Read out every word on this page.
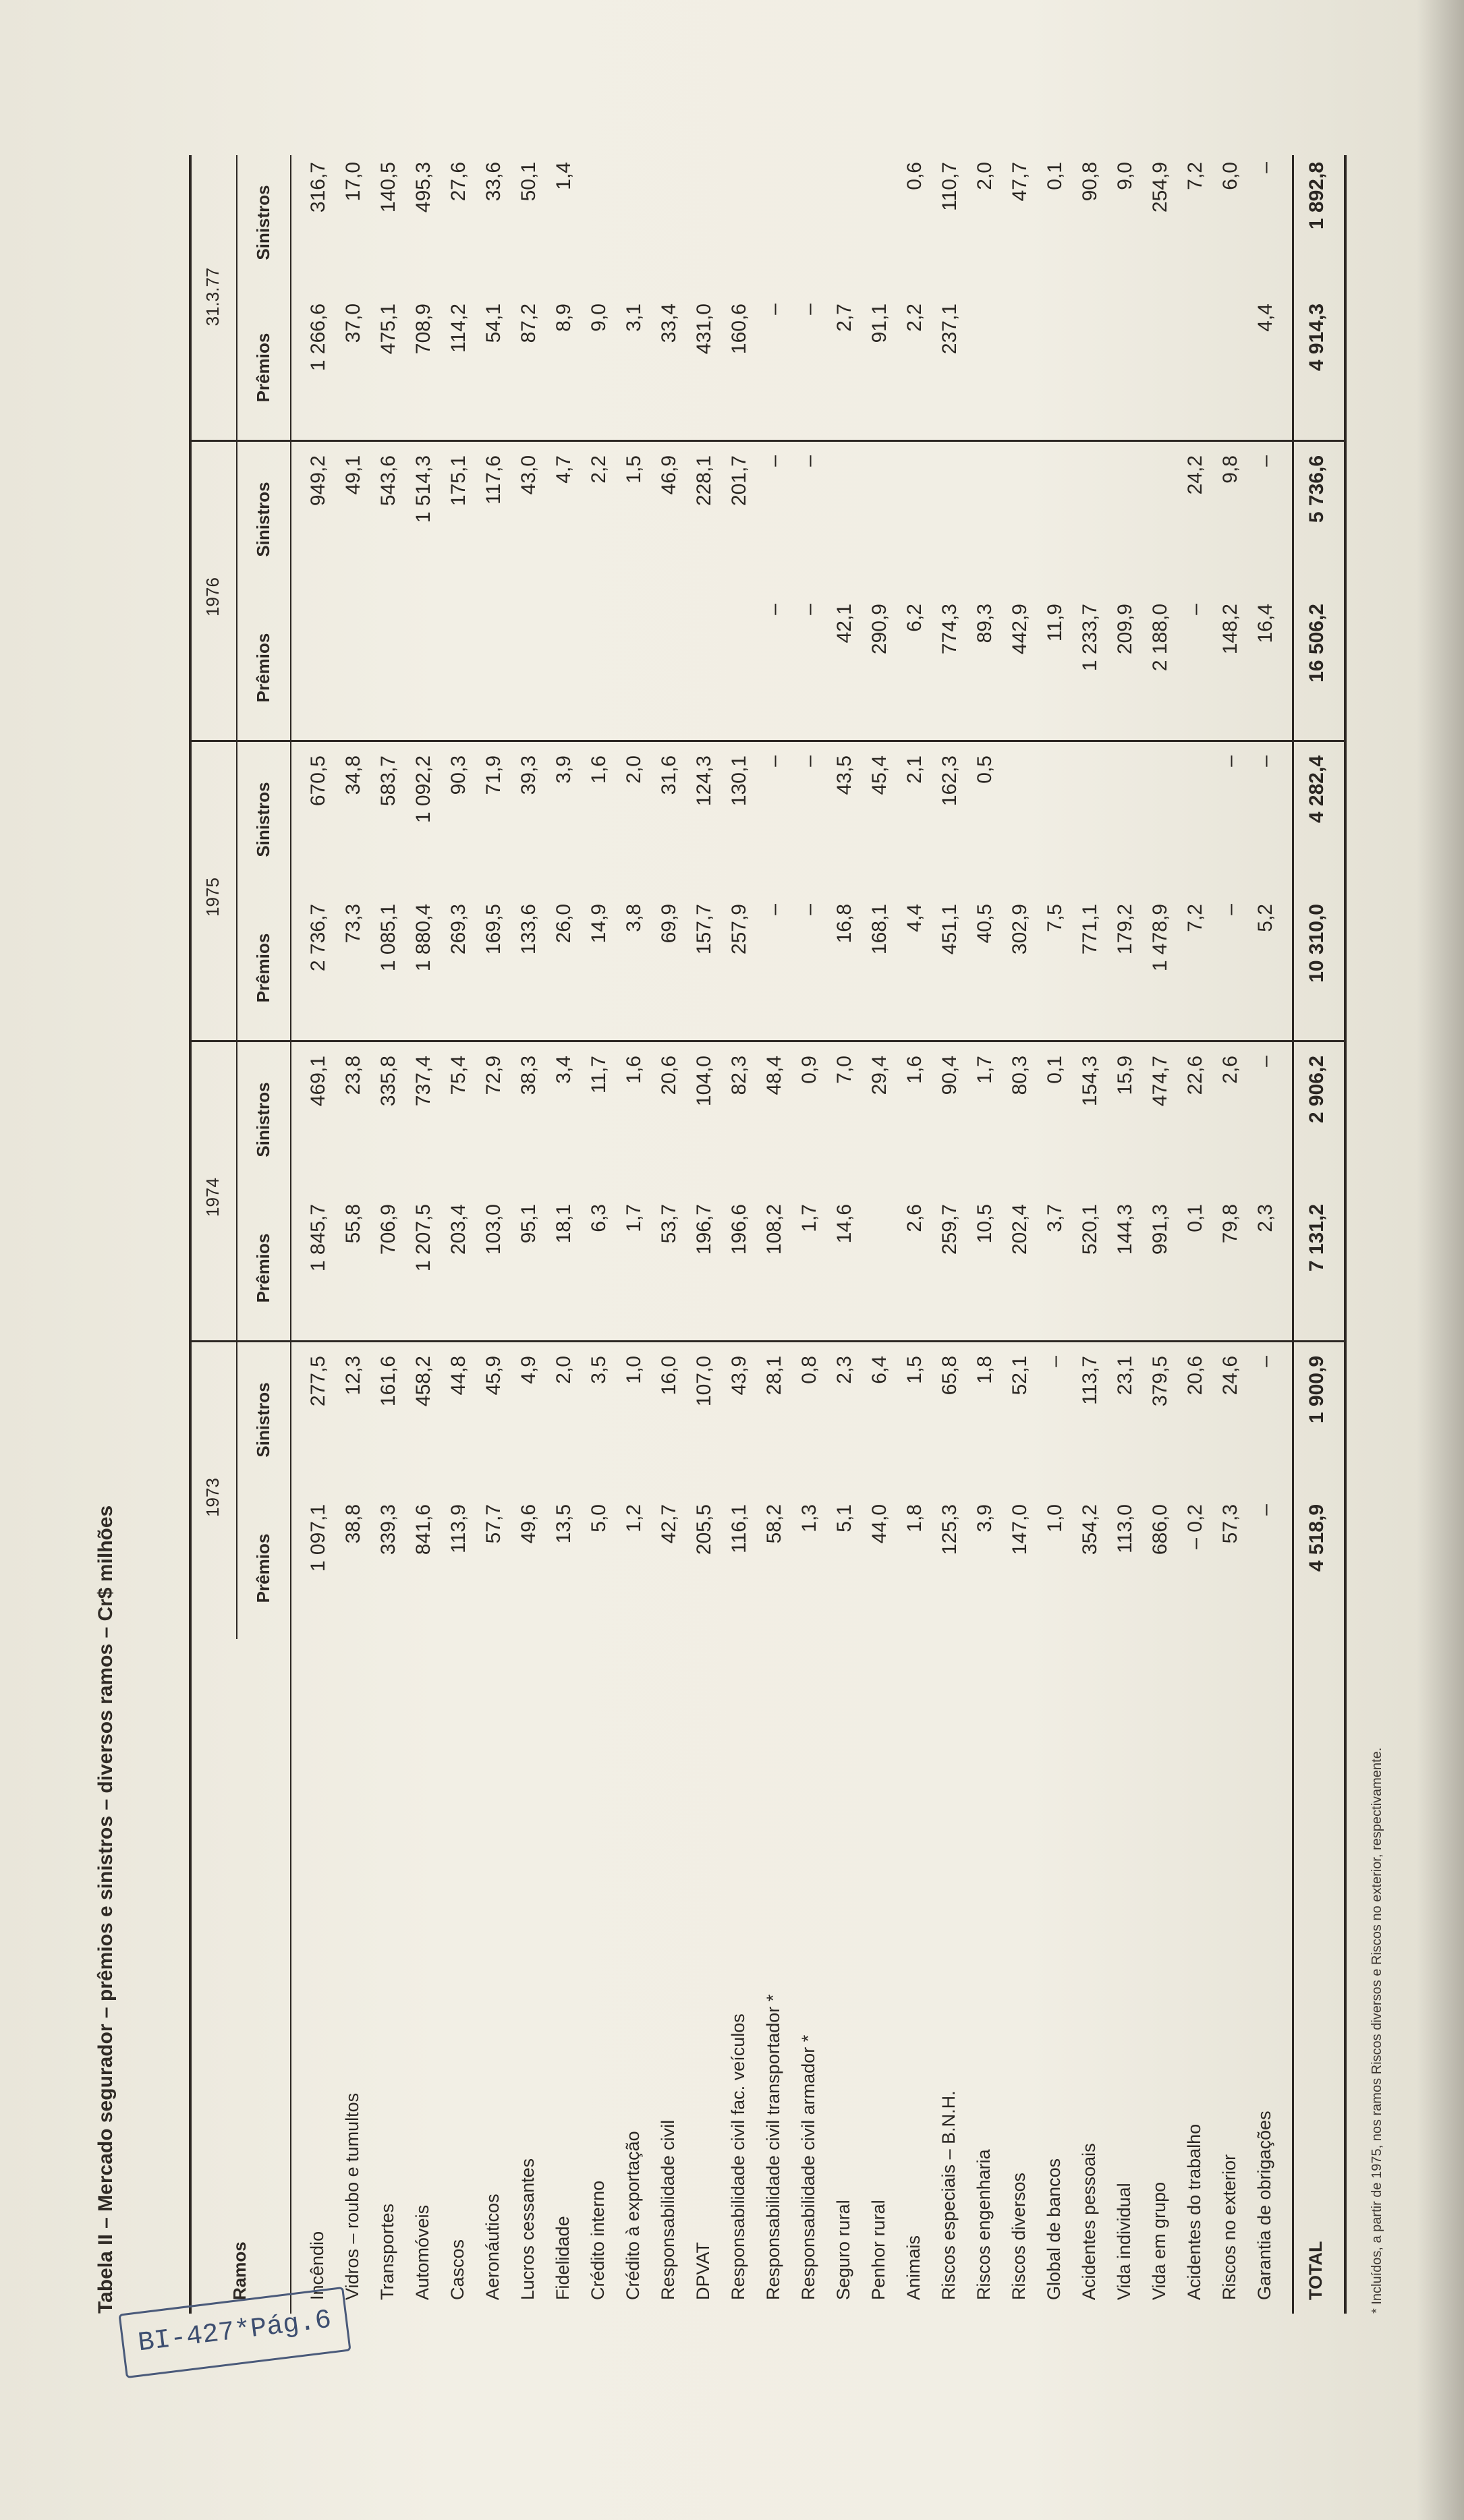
Tabela II – Mercado segurador – prêmios e sinistros – diversos ramos – Cr$ milhões	Ramos
1973
1974
1975
1976
31.3.77
Prêmios
Sinistros
Prêmios
Sinistros
Prêmios
Sinistros
Prêmios
Sinistros
Prêmios
Sinistros
Incêndio
1 097,1
277,5
1 845,7
469,1
2 736,7
670,5
949,2
1 266,6
316,7
Vidros – roubo e tumultos
38,8
12,3
55,8
23,8
73,3
34,8
49,1
37,0
17,0
Transportes
339,3
161,6
706,9
335,8
1 085,1
583,7
543,6
475,1
140,5
Automóveis
841,6
458,2
1 207,5
737,4
1 880,4
1 092,2
1 514,3
708,9
495,3
Cascos
113,9
44,8
203,4
75,4
269,3
90,3
175,1
114,2
27,6
Aeronáuticos
57,7
45,9
103,0
72,9
169,5
71,9
117,6
54,1
33,6
Lucros cessantes
49,6
4,9
95,1
38,3
133,6
39,3
43,0
87,2
50,1
Fidelidade
13,5
2,0
18,1
3,4
26,0
3,9
4,7
8,9
1,4
Crédito interno
5,0
3,5
6,3
11,7
14,9
1,6
2,2
9,0
Crédito à exportação
1,2
1,0
1,7
1,6
3,8
2,0
1,5
3,1
Responsabilidade civil
42,7
16,0
53,7
20,6
69,9
31,6
46,9
33,4
DPVAT
205,5
107,0
196,7
104,0
157,7
124,3
228,1
431,0
Responsabilidade civil fac. veículos
116,1
43,9
196,6
82,3
257,9
130,1
201,7
160,6
Responsabilidade civil transportador *
58,2
28,1
108,2
48,4
–
–
–
–
–
Responsabilidade civil armador *
1,3
0,8
1,7
0,9
–
–
–
–
–
Seguro rural
5,1
2,3
14,6
7,0
16,8
43,5
42,1
2,7
Penhor rural
44,0
6,4
29,4
168,1
45,4
290,9
91,1
Animais
1,8
1,5
2,6
1,6
4,4
2,1
6,2
2,2
0,6
Riscos especiais – B.N.H.
125,3
65,8
259,7
90,4
451,1
162,3
774,3
237,1
110,7
Riscos engenharia
3,9
1,8
10,5
1,7
40,5
0,5
89,3
2,0
Riscos diversos
147,0
52,1
202,4
80,3
302,9
442,9
47,7
Global de bancos
1,0
–
3,7
0,1
7,5
11,9
0,1
Acidentes pessoais
354,2
113,7
520,1
154,3
771,1
1 233,7
90,8
Vida individual
113,0
23,1
144,3
15,9
179,2
209,9
9,0
Vida em grupo
686,0
379,5
991,3
474,7
1 478,9
2 188,0
254,9
Acidentes do trabalho
– 0,2
20,6
0,1
22,6
7,2
–
24,2
7,2
Riscos no exterior
57,3
24,6
79,8
2,6
–
–
148,2
9,8
6,0
Garantia de obrigações
–
–
2,3
–
5,2
–
16,4
–
4,4
–
TOTAL
4 518,9
1 900,9
7 131,2
2 906,2
10 310,0
4 282,4
16 506,2
5 736,6
4 914,3
1 892,8
* Incluídos, a partir de 1975, nos ramos Riscos diversos e Riscos no exterior, respectivamente.
BI-427*Pág.6
